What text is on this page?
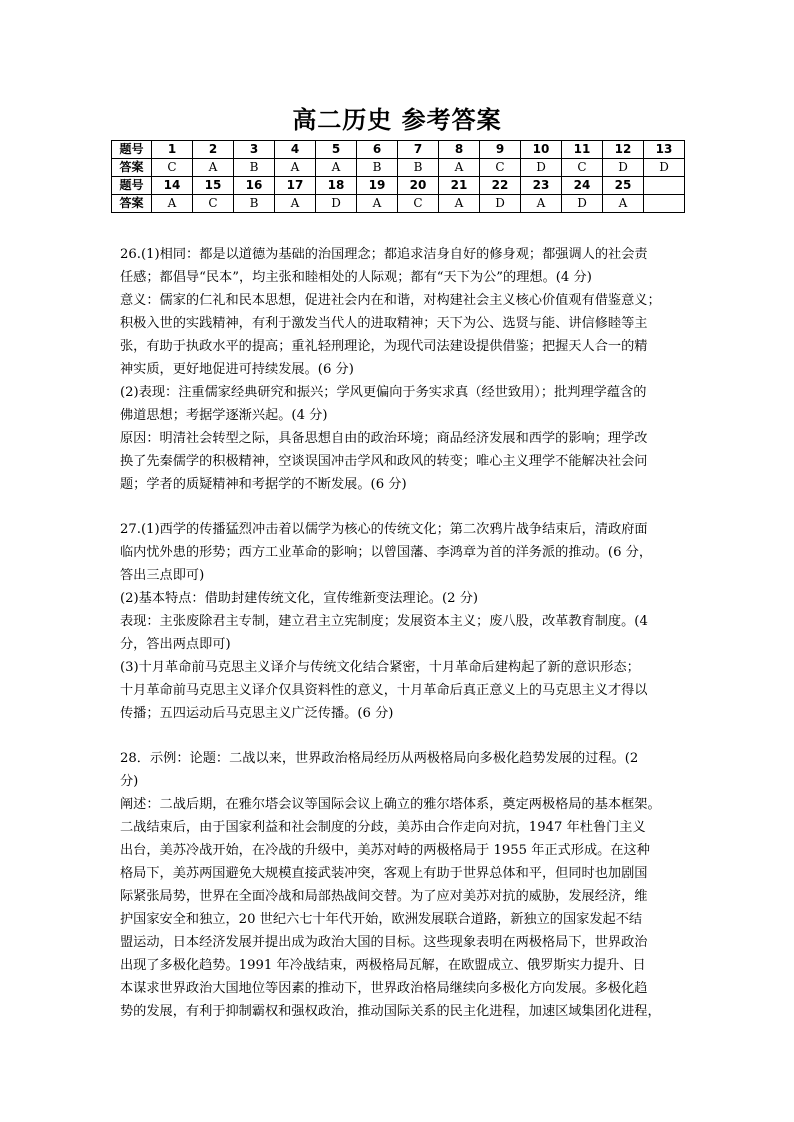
高二历史 参考答案
题号	1	2	3	4	5	6	7	8	9	10	11	12	13
答案	C	A	B	A	A	B	B	A	C	D	C	D	D
题号	14	15	16	17	18	19	20	21	22	23	24	25	
答案	A	C	B	A	D	A	C	A	D	A	D	A	

26.(1)相同：都是以道德为基础的治国理念；都追求洁身自好的修身观；都强调人的社会责

任感；都倡导“民本”，均主张和睦相处的人际观；都有“天下为公”的理想。(4 分)

意义：儒家的仁礼和民本思想，促进社会内在和谐，对构建社会主义核心价值观有借鉴意义；

积极入世的实践精神，有利于激发当代人的进取精神；天下为公、选贤与能、讲信修睦等主

张，有助于执政水平的提高；重礼轻刑理论，为现代司法建设提供借鉴；把握天人合一的精

神实质，更好地促进可持续发展。(6 分)

(2)表现：注重儒家经典研究和振兴；学风更偏向于务实求真（经世致用）；批判理学蕴含的

佛道思想；考据学逐渐兴起。(4 分)

原因：明清社会转型之际，具备思想自由的政治环境；商品经济发展和西学的影响；理学改

换了先秦儒学的积极精神，空谈误国冲击学风和政风的转变；唯心主义理学不能解决社会问

题；学者的质疑精神和考据学的不断发展。(6 分)

27.(1)西学的传播猛烈冲击着以儒学为核心的传统文化；第二次鸦片战争结束后，清政府面

临内忧外患的形势；西方工业革命的影响；以曾国藩、李鸿章为首的洋务派的推动。(6 分，

答出三点即可)

(2)基本特点：借助封建传统文化，宣传维新变法理论。(2 分)

表现：主张废除君主专制，建立君主立宪制度；发展资本主义；废八股，改革教育制度。(4

分，答出两点即可)

(3)十月革命前马克思主义译介与传统文化结合紧密，十月革命后建构起了新的意识形态；

十月革命前马克思主义译介仅具资料性的意义，十月革命后真正意义上的马克思主义才得以

传播；五四运动后马克思主义广泛传播。(6 分)

28．示例：论题：二战以来，世界政治格局经历从两极格局向多极化趋势发展的过程。(2

分)

阐述：二战后期，在雅尔塔会议等国际会议上确立的雅尔塔体系，奠定两极格局的基本框架。

二战结束后，由于国家利益和社会制度的分歧，美苏由合作走向对抗，1947 年杜鲁门主义

出台，美苏冷战开始，在冷战的升级中，美苏对峙的两极格局于 1955 年正式形成。在这种

格局下，美苏两国避免大规模直接武装冲突，客观上有助于世界总体和平，但同时也加剧国

际紧张局势，世界在全面冷战和局部热战间交替。为了应对美苏对抗的威胁，发展经济，维

护国家安全和独立，20 世纪六七十年代开始，欧洲发展联合道路，新独立的国家发起不结

盟运动，日本经济发展并提出成为政治大国的目标。这些现象表明在两极格局下，世界政治

出现了多极化趋势。1991 年冷战结束，两极格局瓦解，在欧盟成立、俄罗斯实力提升、日

本谋求世界政治大国地位等因素的推动下，世界政治格局继续向多极化方向发展。多极化趋

势的发展，有利于抑制霸权和强权政治，推动国际关系的民主化进程，加速区域集团化进程，
